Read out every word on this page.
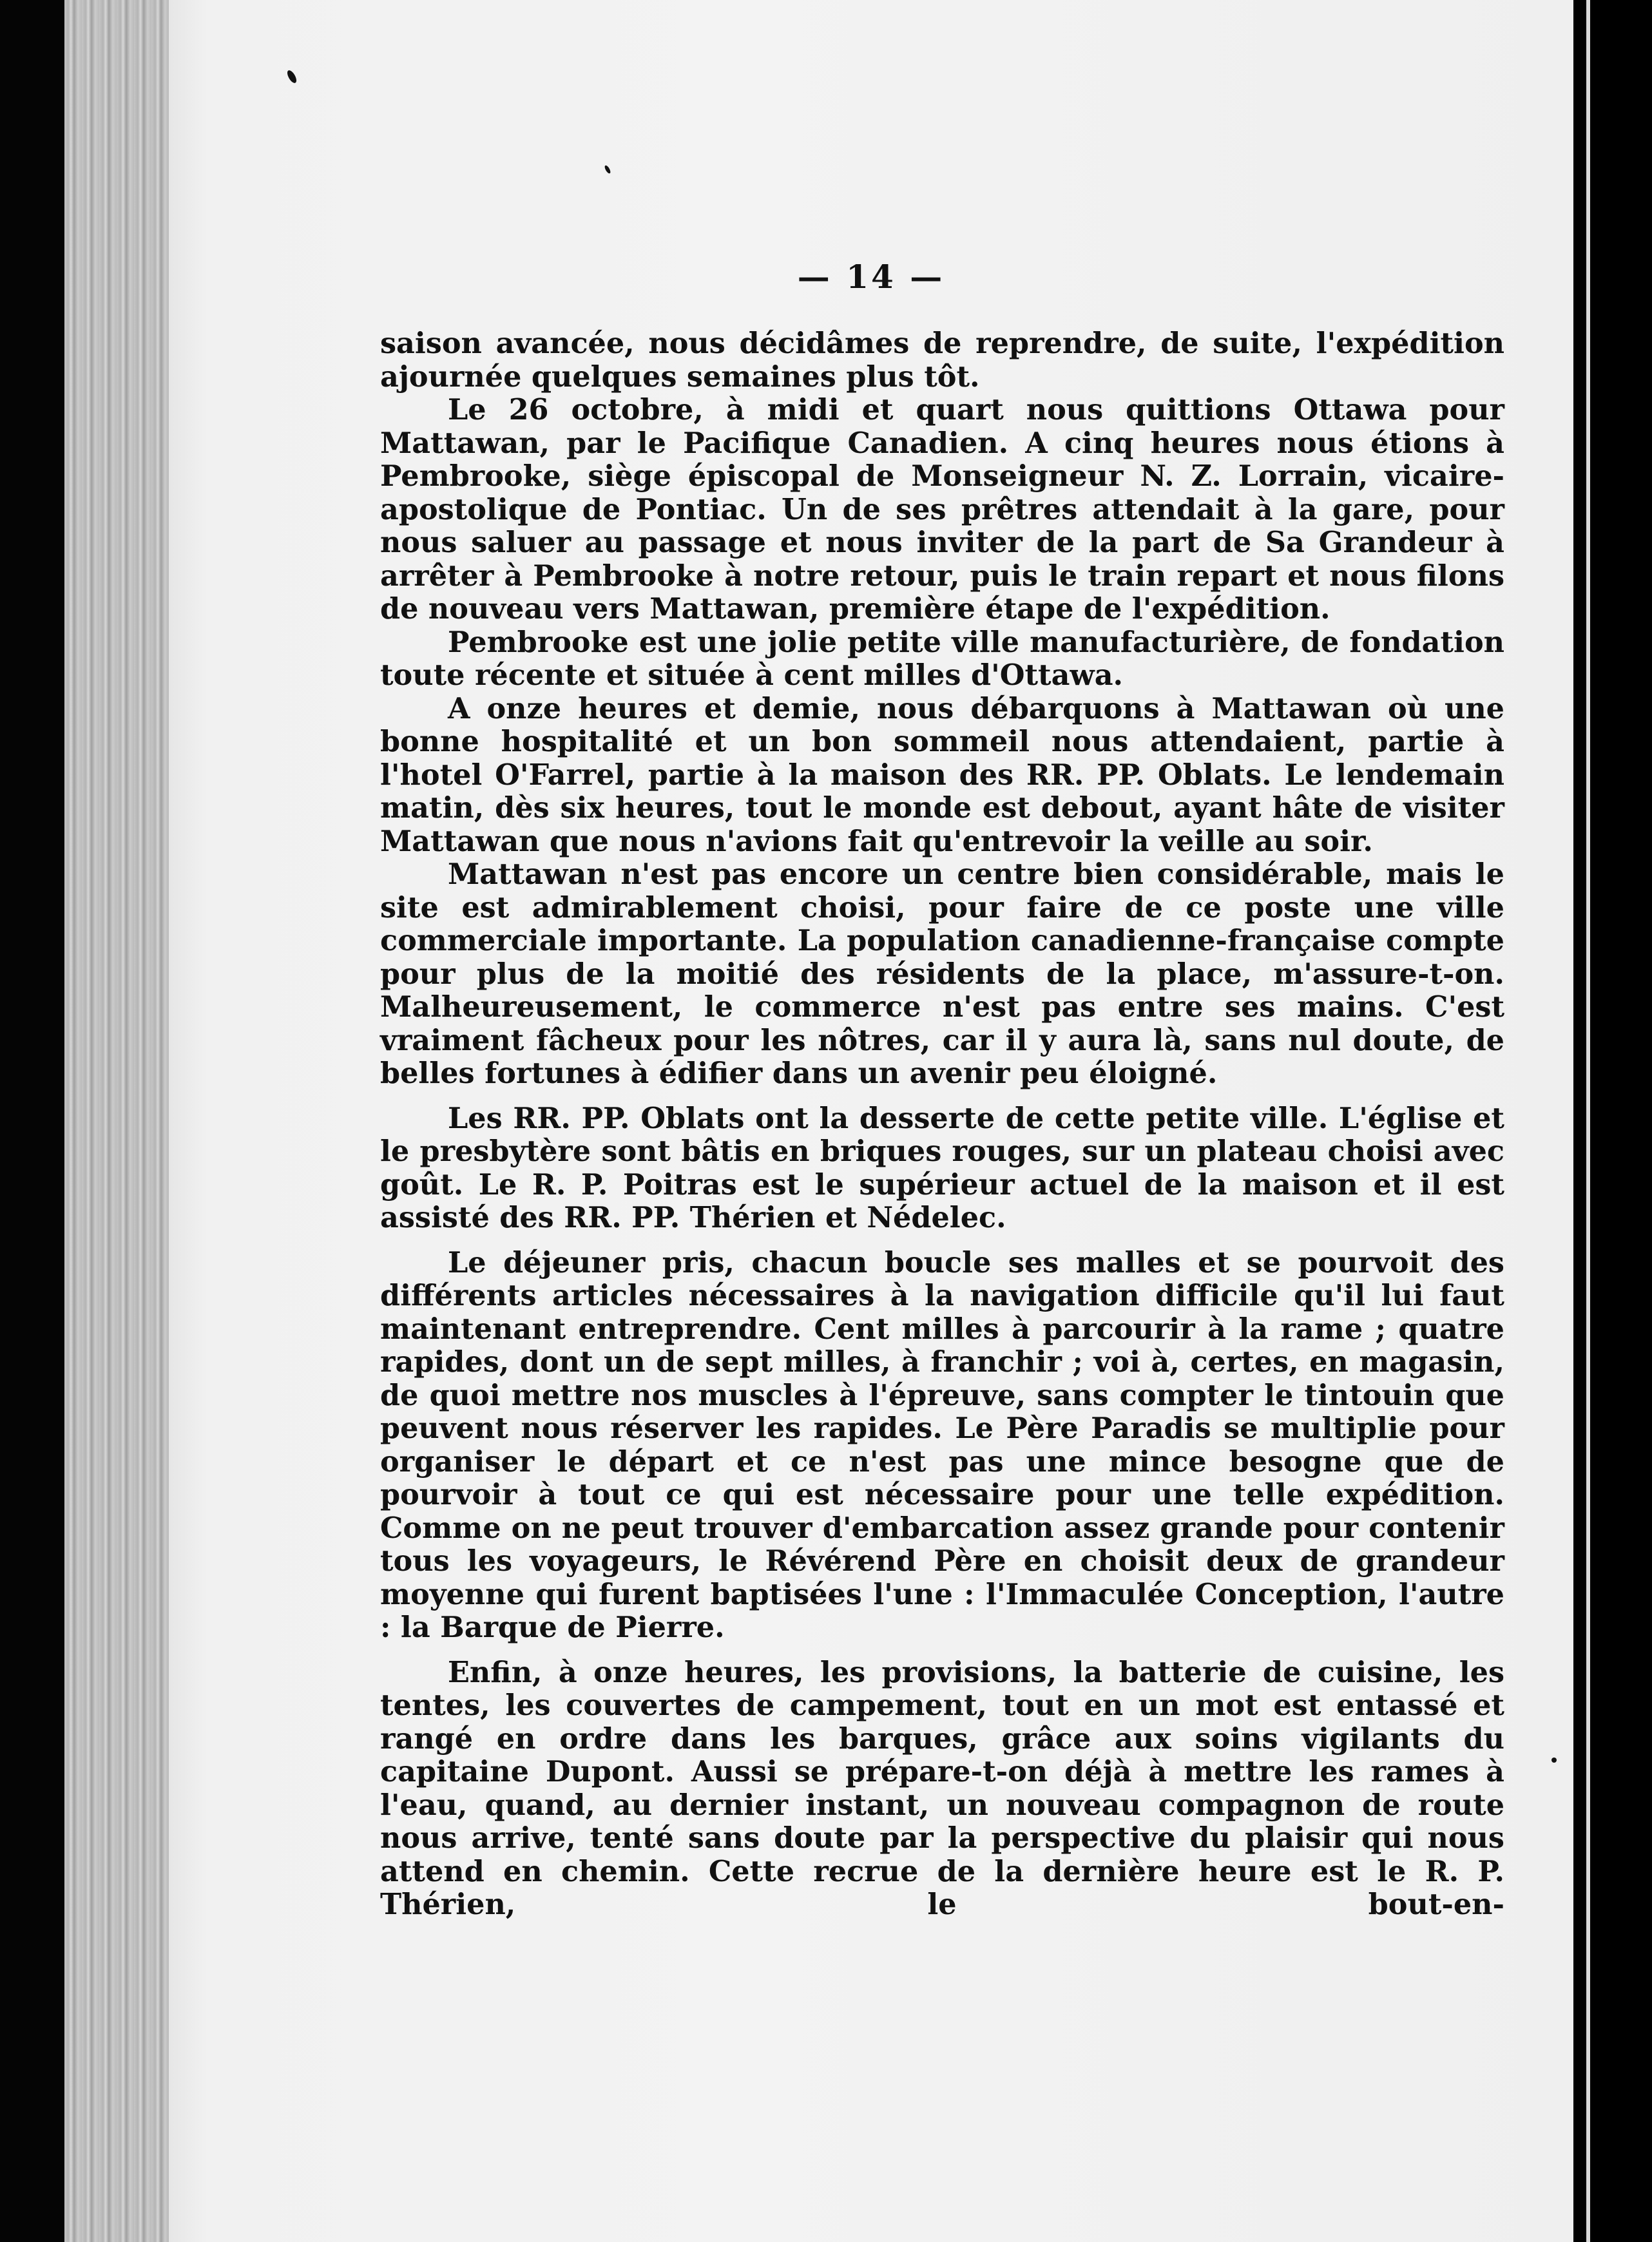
— 14 —

saison avancée, nous décidâmes de reprendre, de suite, l'expédition ajournée quelques semaines plus tôt.

Le 26 octobre, à midi et quart nous quittions Ottawa pour Mattawan, par le Pacifique Canadien. A cinq heures nous étions à Pembrooke, siège épiscopal de Monseigneur N. Z. Lorrain, vicaire-apostolique de Pontiac. Un de ses prêtres attendait à la gare, pour nous saluer au passage et nous inviter de la part de Sa Grandeur à arrêter à Pembrooke à notre retour, puis le train repart et nous filons de nouveau vers Mattawan, première étape de l'expédition.

Pembrooke est une jolie petite ville manufacturière, de fondation toute récente et située à cent milles d'Ottawa.

A onze heures et demie, nous débarquons à Mattawan où une bonne hospitalité et un bon sommeil nous attendaient, partie à l'hotel O'Farrel, partie à la maison des RR. PP. Oblats. Le lendemain matin, dès six heures, tout le monde est debout, ayant hâte de visiter Mattawan que nous n'avions fait qu'entrevoir la veille au soir.

Mattawan n'est pas encore un centre bien considérable, mais le site est admirablement choisi, pour faire de ce poste une ville commerciale importante. La population canadienne-française compte pour plus de la moitié des résidents de la place, m'assure-t-on. Malheureusement, le commerce n'est pas entre ses mains. C'est vraiment fâcheux pour les nôtres, car il y aura là, sans nul doute, de belles fortunes à édifier dans un avenir peu éloigné.

Les RR. PP. Oblats ont la desserte de cette petite ville. L'église et le presbytère sont bâtis en briques rouges, sur un plateau choisi avec goût. Le R. P. Poitras est le supérieur actuel de la maison et il est assisté des RR. PP. Thérien et Nédelec.

Le déjeuner pris, chacun boucle ses malles et se pourvoit des différents articles nécessaires à la navigation difficile qu'il lui faut maintenant entreprendre. Cent milles à parcourir à la rame ; quatre rapides, dont un de sept milles, à franchir ; voi à, certes, en magasin, de quoi mettre nos muscles à l'épreuve, sans compter le tintouin que peuvent nous réserver les rapides. Le Père Paradis se multiplie pour organiser le départ et ce n'est pas une mince besogne que de pourvoir à tout ce qui est nécessaire pour une telle expédition. Comme on ne peut trouver d'embarcation assez grande pour contenir tous les voyageurs, le Révérend Père en choisit deux de grandeur moyenne qui furent baptisées l'une : l'Immaculée Conception, l'autre : la Barque de Pierre.

Enfin, à onze heures, les provisions, la batterie de cuisine, les tentes, les couvertes de campement, tout en un mot est entassé et rangé en ordre dans les barques, grâce aux soins vigilants du capitaine Dupont. Aussi se prépare-t-on déjà à mettre les rames à l'eau, quand, au dernier instant, un nouveau compagnon de route nous arrive, tenté sans doute par la perspective du plaisir qui nous attend en chemin. Cette recrue de la dernière heure est le R. P. Thérien, le bout-en-
